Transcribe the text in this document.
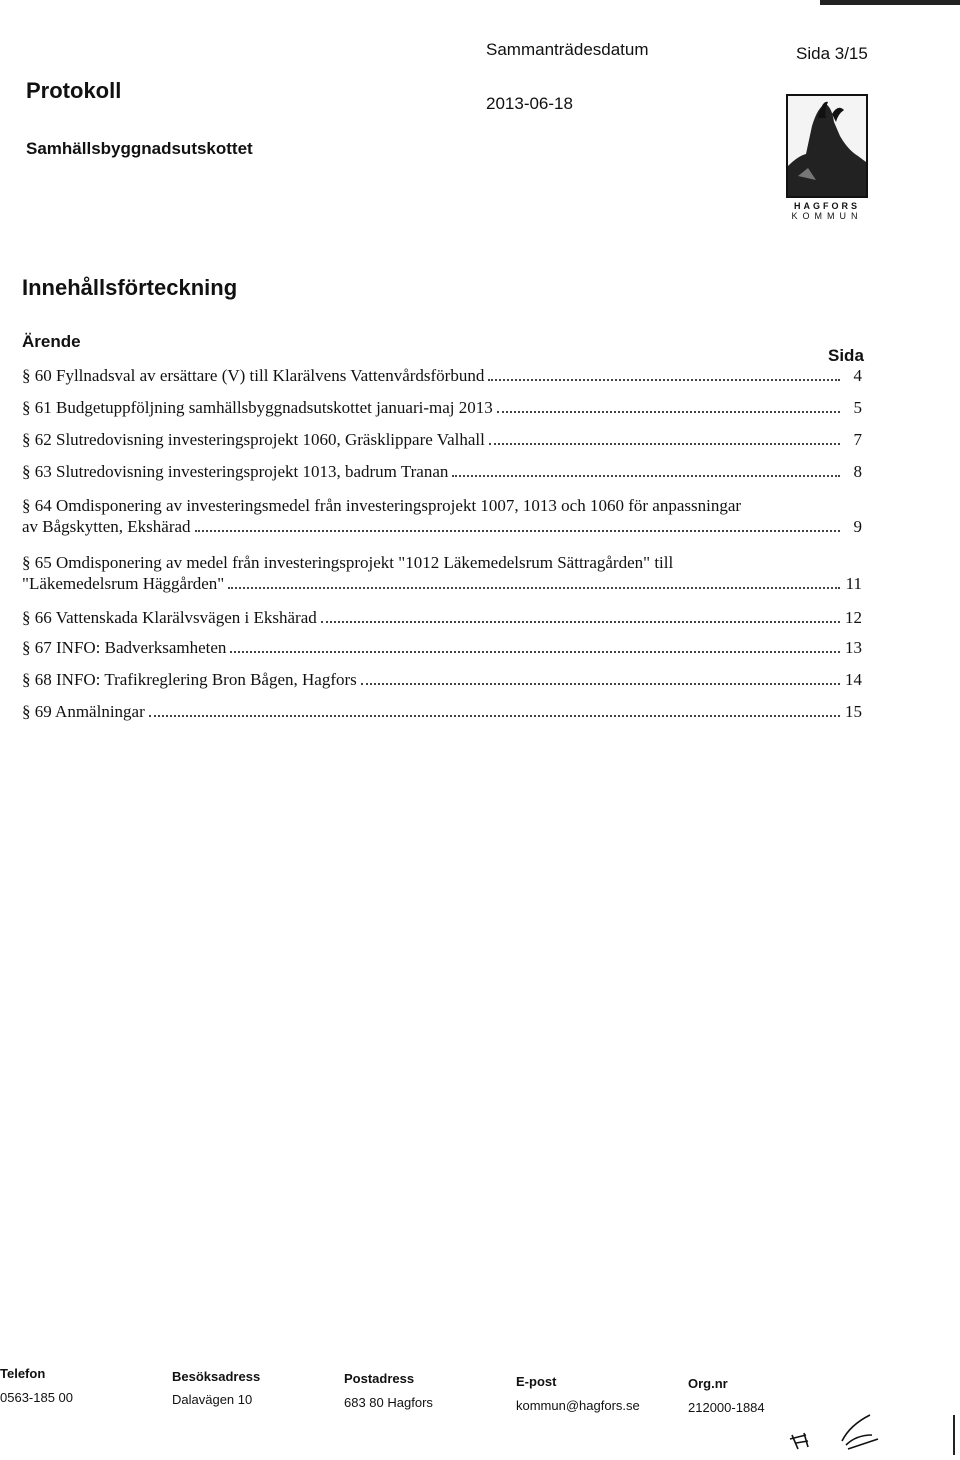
Protokoll
Samhällsbyggnadsutskottet
Sammanträdesdatum
2013-06-18
Sida 3/15
HAGFORS
KOMMUN
Innehållsförteckning
Ärende
Sida
§ 60 Fyllnadsval av ersättare (V) till Klarälvens Vattenvårdsförbund	4
§ 61 Budgetuppföljning samhällsbyggnadsutskottet januari-maj 2013	5
§ 62 Slutredovisning investeringsprojekt 1060, Gräsklippare Valhall	7
§ 63 Slutredovisning investeringsprojekt 1013, badrum Tranan	8
§ 64 Omdisponering av investeringsmedel från investeringsprojekt 1007, 1013 och 1060 för anpassningar
av Bågskytten, Ekshärad	9
§ 65 Omdisponering av medel från investeringsprojekt "1012 Läkemedelsrum Sättragården" till
"Läkemedelsrum Häggården"	11
§ 66 Vattenskada Klarälvsvägen i Ekshärad	12
§ 67 INFO: Badverksamheten	13
§ 68 INFO: Trafikreglering Bron Bågen, Hagfors	14
§ 69 Anmälningar	15
Telefon
0563-185 00
Besöksadress
Dalavägen 10
Postadress
683 80 Hagfors
E-post
kommun@hagfors.se
Org.nr
212000-1884
